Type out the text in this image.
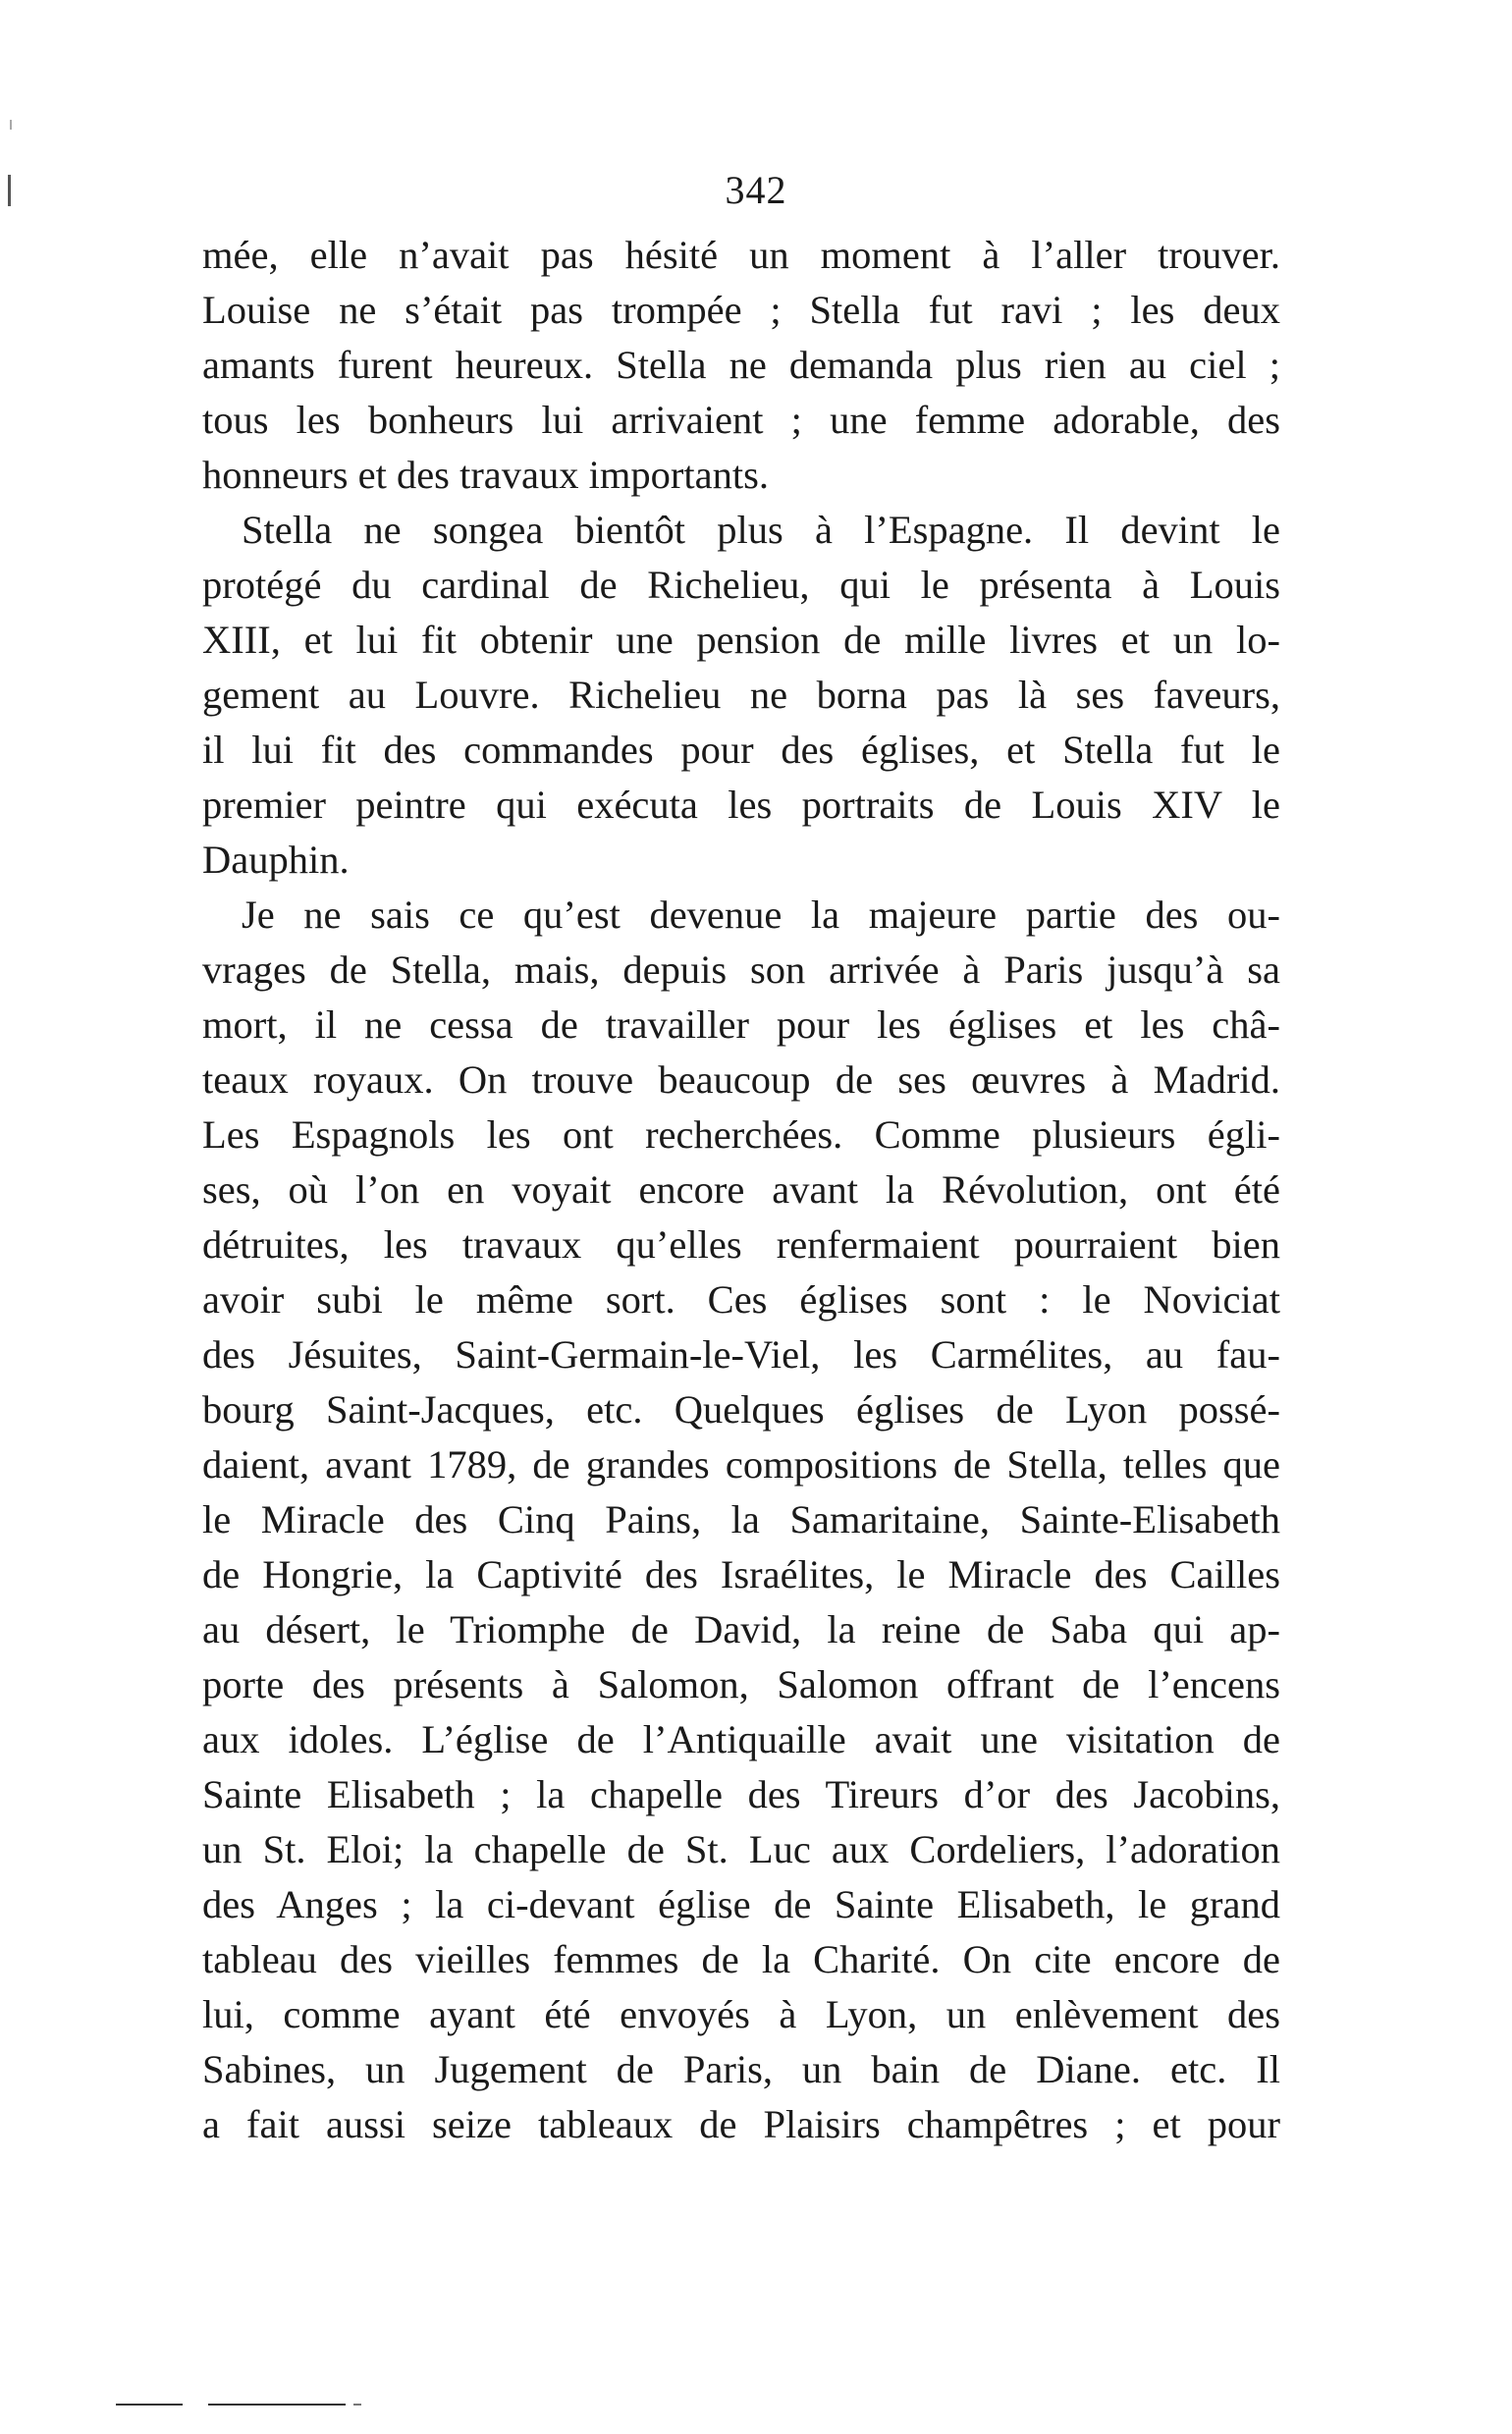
342
mée, elle n’avait pas hésité un moment à l’aller trouver.
Louise ne s’était pas trompée ; Stella fut ravi ; les deux
amants furent heureux. Stella ne demanda plus rien au ciel ;
tous les bonheurs lui arrivaient ; une femme adorable, des
honneurs et des travaux importants.
Stella ne songea bientôt plus à l’Espagne. Il devint le
protégé du cardinal de Richelieu, qui le présenta à Louis
XIII, et lui fit obtenir une pension de mille livres et un lo-
gement au Louvre. Richelieu ne borna pas là ses faveurs,
il lui fit des commandes pour des églises, et Stella fut le
premier peintre qui exécuta les portraits de Louis XIV le
Dauphin.
Je ne sais ce qu’est devenue la majeure partie des ou-
vrages de Stella, mais, depuis son arrivée à Paris jusqu’à sa
mort, il ne cessa de travailler pour les églises et les châ-
teaux royaux. On trouve beaucoup de ses œuvres à Madrid.
Les Espagnols les ont recherchées. Comme plusieurs égli-
ses, où l’on en voyait encore avant la Révolution, ont été
détruites, les travaux qu’elles renfermaient pourraient bien
avoir subi le même sort. Ces églises sont : le Noviciat
des Jésuites, Saint-Germain-le-Viel, les Carmélites, au fau-
bourg Saint-Jacques, etc. Quelques églises de Lyon possé-
daient, avant 1789, de grandes compositions de Stella, telles que
le Miracle des Cinq Pains, la Samaritaine, Sainte-Elisabeth
de Hongrie, la Captivité des Israélites, le Miracle des Cailles
au désert, le Triomphe de David, la reine de Saba qui ap-
porte des présents à Salomon, Salomon offrant de l’encens
aux idoles. L’église de l’Antiquaille avait une visitation de
Sainte Elisabeth ; la chapelle des Tireurs d’or des Jacobins,
un St. Eloi; la chapelle de St. Luc aux Cordeliers, l’adoration
des Anges ; la ci-devant église de Sainte Elisabeth, le grand
tableau des vieilles femmes de la Charité. On cite encore de
lui, comme ayant été envoyés à Lyon, un enlèvement des
Sabines, un Jugement de Paris, un bain de Diane. etc. Il
a fait aussi seize tableaux de Plaisirs champêtres ; et pour
